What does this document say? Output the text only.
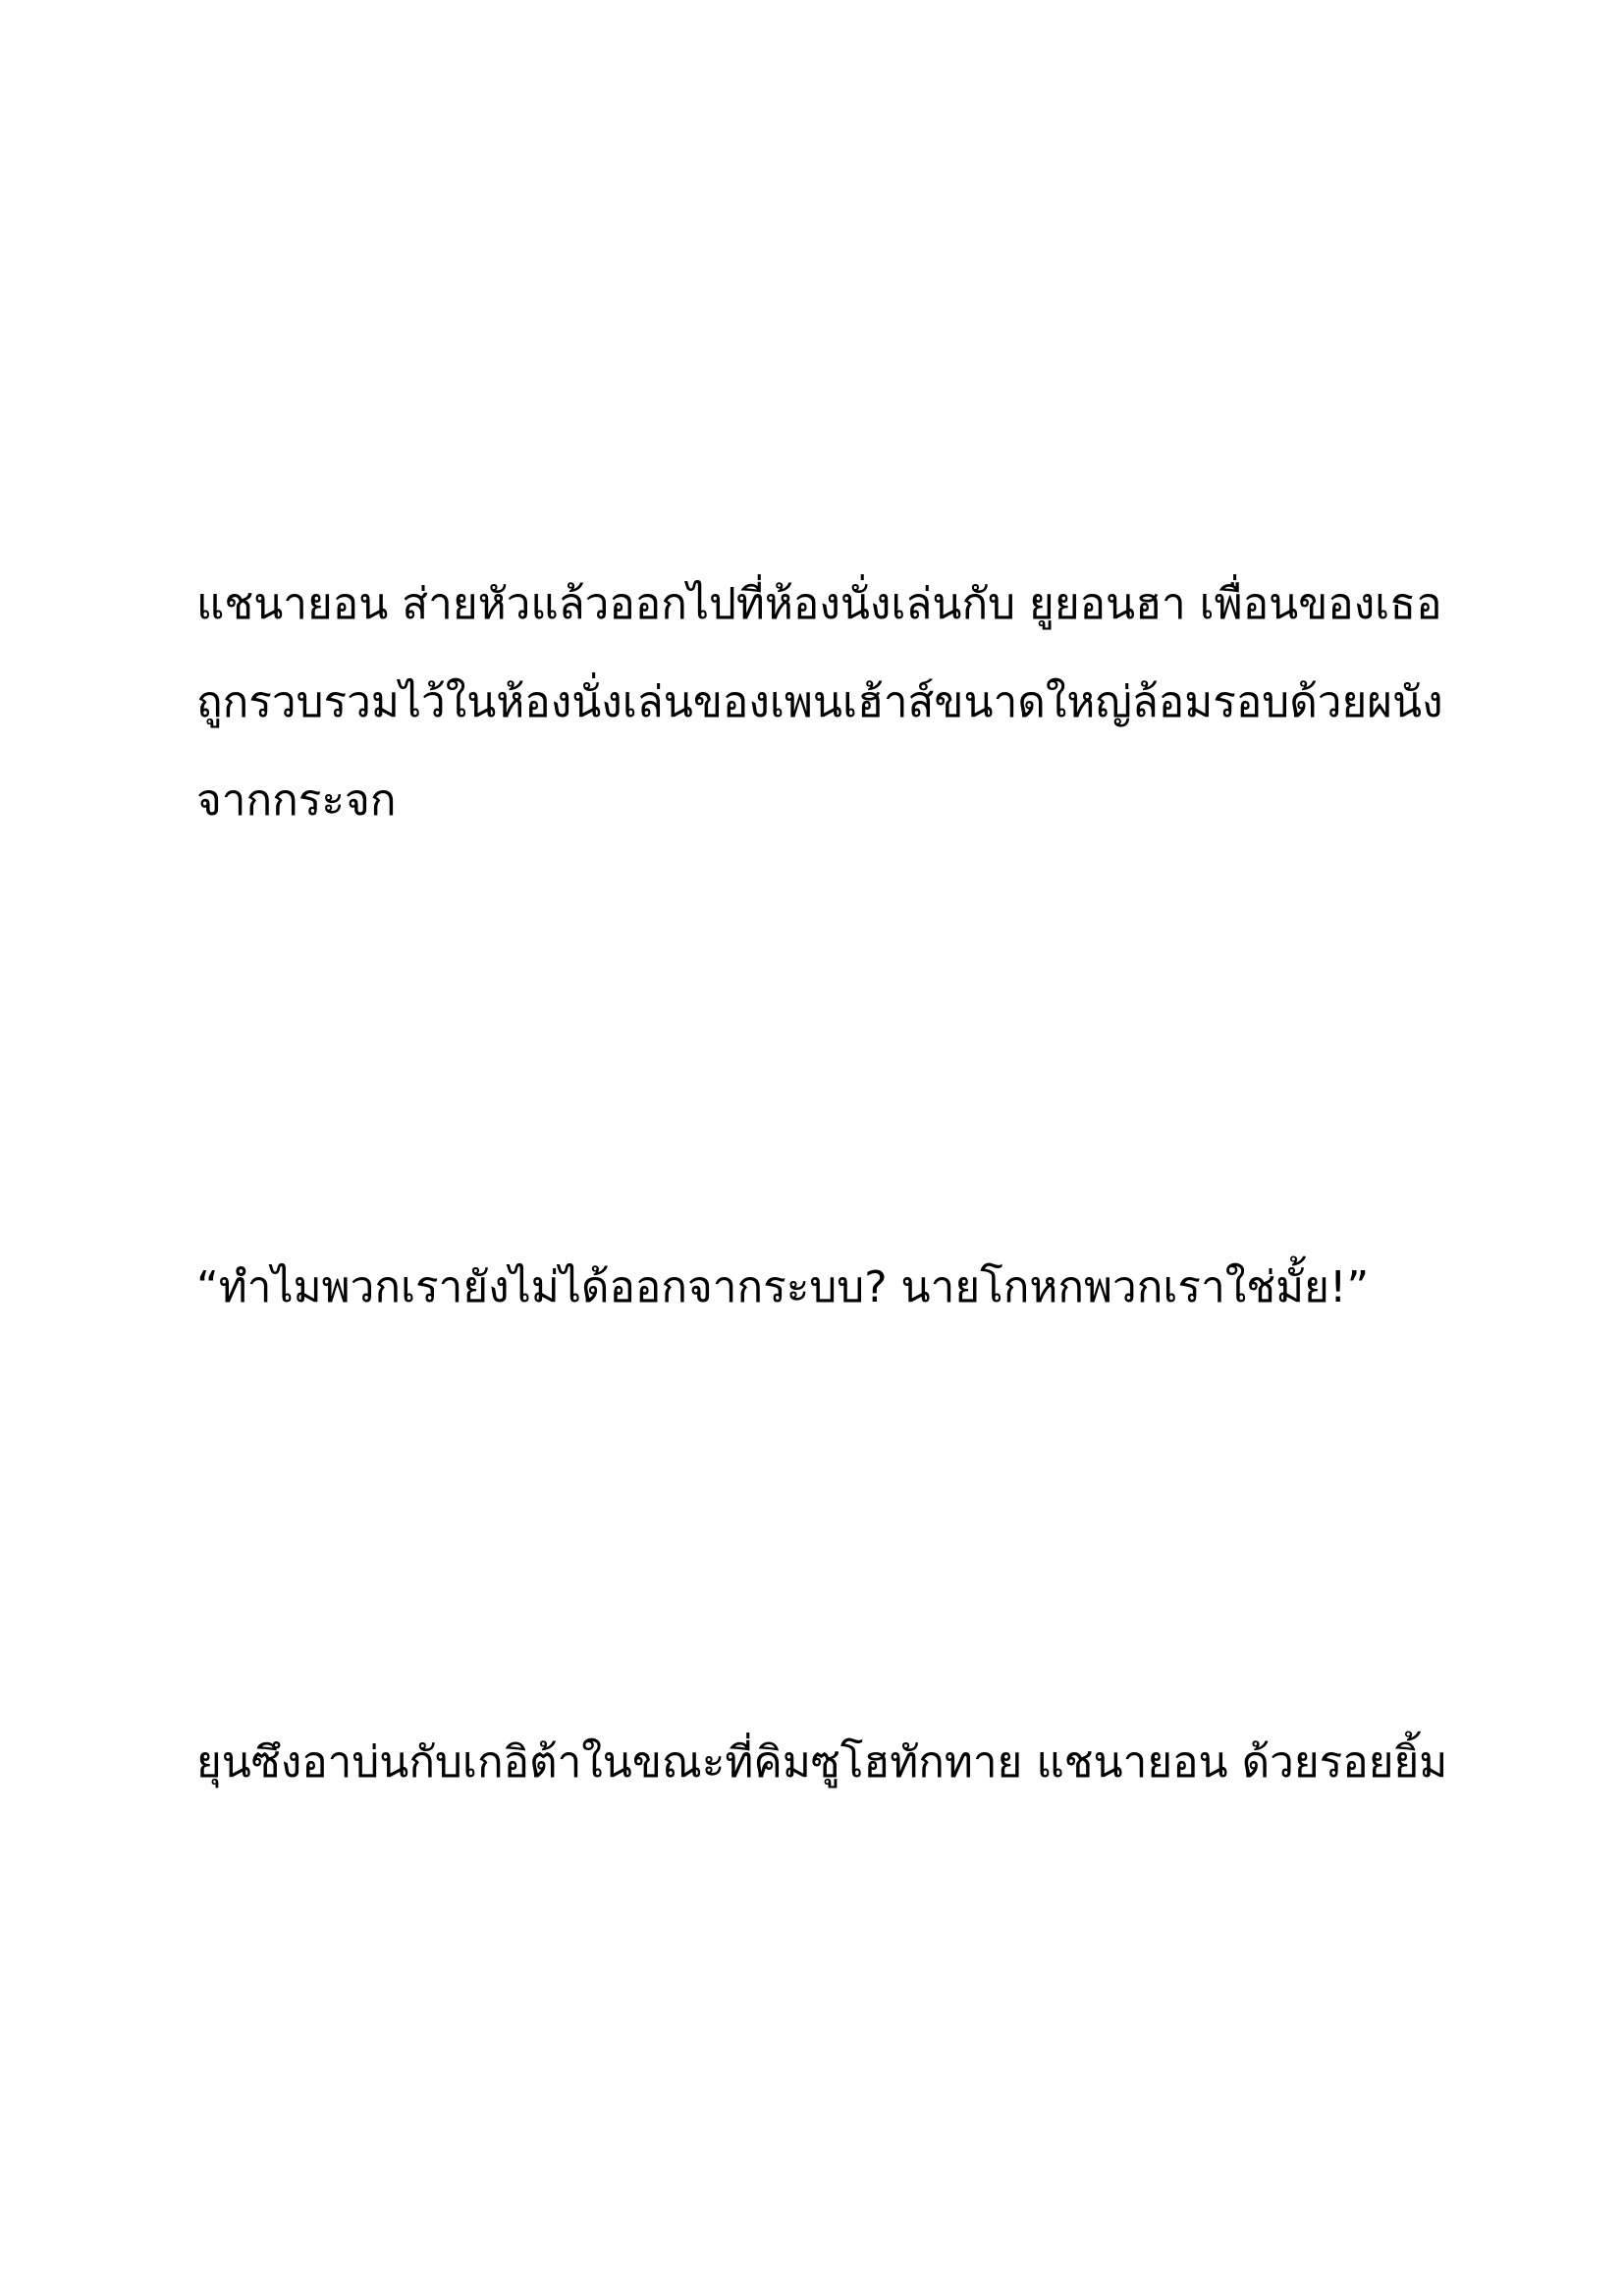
แชนายอน ส่ายหัวแล้วออกไปที่ห้องนั่งเล่นกับ ยูยอนฮา เพื่อนของเธอ
ถูกรวบรวมไว้ในห้องนั่งเล่นของเพนเฮ้าส์ขนาดใหญ่ล้อมรอบด้วยผนัง
จากกระจก

“ทำไมพวกเรายังไม่ได้ออกจากระบบ? นายโกหกพวกเราใช่มั้ย!”

ยุนซึงอาบ่นกับเกอิต้าในขณะที่คิมซูโฮทักทาย แชนายอน ด้วยรอยยิ้ม
